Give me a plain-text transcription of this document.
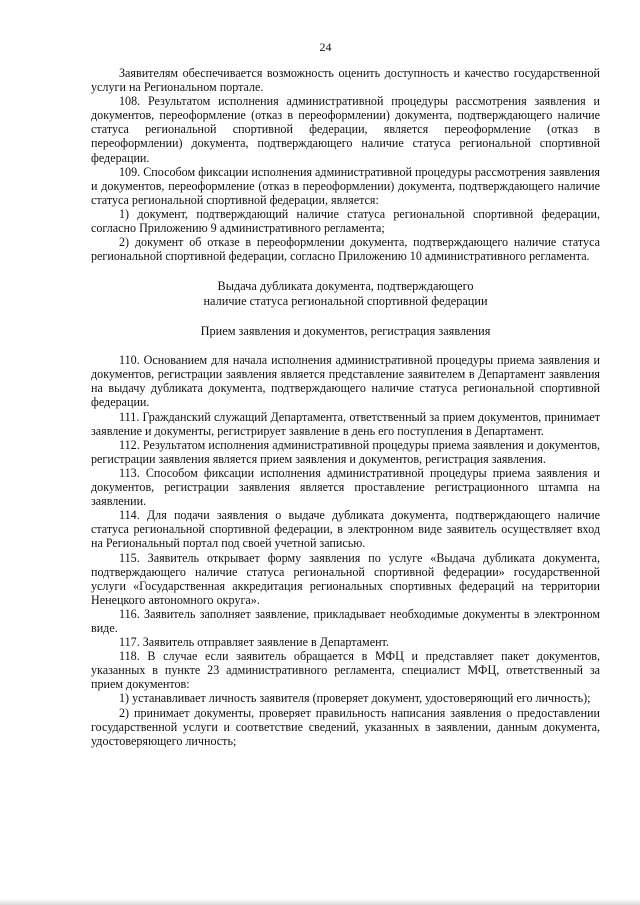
24

Заявителям обеспечивается возможность оценить доступность и качество государственной услуги на Региональном портале.

108. Результатом исполнения административной процедуры рассмотрения заявления и документов, переоформление (отказ в переоформлении) документа, подтверждающего наличие статуса региональной спортивной федерации, является переоформление (отказ в переоформлении) документа, подтверждающего наличие статуса региональной спортивной федерации.

109. Способом фиксации исполнения административной процедуры рассмотрения заявления и документов, переоформление (отказ в переоформлении) документа, подтверждающего наличие статуса региональной спортивной федерации, является:

1) документ, подтверждающий наличие статуса региональной спортивной федерации, согласно Приложению 9 административного регламента;

2) документ об отказе в переоформлении документа, подтверждающего наличие статуса региональной спортивной федерации, согласно Приложению 10 административного регламента.

Выдача дубликата документа, подтверждающего

наличие статуса региональной спортивной федерации

Прием заявления и документов, регистрация заявления

110. Основанием для начала исполнения административной процедуры приема заявления и документов, регистрации заявления является представление заявителем в Департамент заявления на выдачу дубликата документа, подтверждающего наличие статуса региональной спортивной федерации.

111. Гражданский служащий Департамента, ответственный за прием документов, принимает заявление и документы, регистрирует заявление в день его поступления в Департамент.

112. Результатом исполнения административной процедуры приема заявления и документов, регистрации заявления является прием заявления и документов, регистрация заявления.

113. Способом фиксации исполнения административной процедуры приема заявления и документов, регистрации заявления является проставление регистрационного штампа на заявлении.

114. Для подачи заявления о выдаче дубликата документа, подтверждающего наличие статуса региональной спортивной федерации, в электронном виде заявитель осуществляет вход на Региональный портал под своей учетной записью.

115. Заявитель открывает форму заявления по услуге «Выдача дубликата документа, подтверждающего наличие статуса региональной спортивной федерации» государственной услуги «Государственная аккредитация региональных спортивных федераций на территории Ненецкого автономного округа».

116. Заявитель заполняет заявление, прикладывает необходимые документы в электронном виде.

117. Заявитель отправляет заявление в Департамент.

118. В случае если заявитель обращается в МФЦ и представляет пакет документов, указанных в пункте 23 административного регламента, специалист МФЦ, ответственный за прием документов:

1) устанавливает личность заявителя (проверяет документ, удостоверяющий его личность);

2) принимает документы, проверяет правильность написания заявления о предоставлении государственной услуги и соответствие сведений, указанных в заявлении, данным документа, удостоверяющего личность;
